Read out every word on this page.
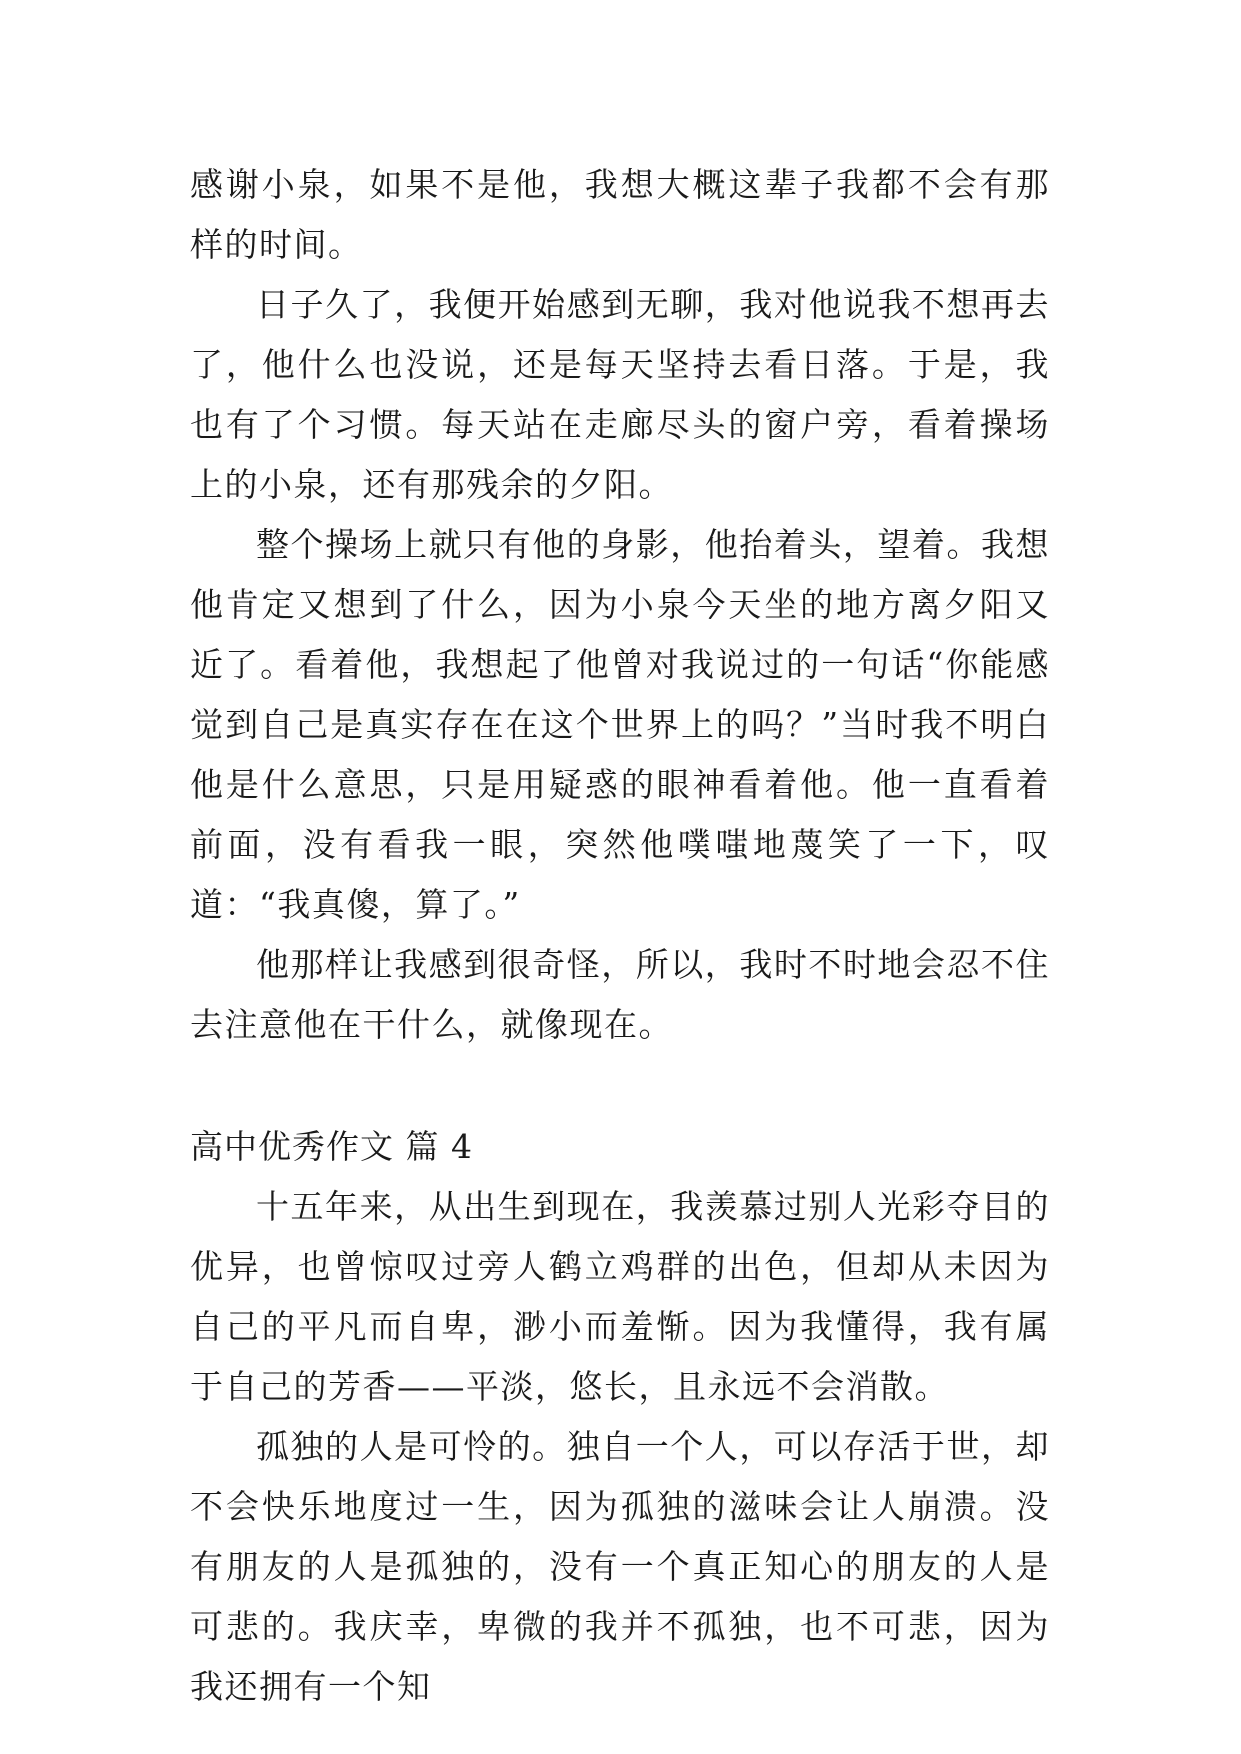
感谢小泉，如果不是他，我想大概这辈子我都不会有那样的时间。

日子久了，我便开始感到无聊，我对他说我不想再去了，他什么也没说，还是每天坚持去看日落。于是，我也有了个习惯。每天站在走廊尽头的窗户旁，看着操场上的小泉，还有那残余的夕阳。

整个操场上就只有他的身影，他抬着头，望着。我想他肯定又想到了什么，因为小泉今天坐的地方离夕阳又近了。看着他，我想起了他曾对我说过的一句话“你能感觉到自己是真实存在在这个世界上的吗？”当时我不明白他是什么意思，只是用疑惑的眼神看着他。他一直看着前面，没有看我一眼，突然他噗嗤地蔑笑了一下，叹道：“我真傻，算了。”

他那样让我感到很奇怪，所以，我时不时地会忍不住去注意他在干什么，就像现在。

高中优秀作文 篇 4

十五年来，从出生到现在，我羡慕过别人光彩夺目的优异，也曾惊叹过旁人鹤立鸡群的出色，但却从未因为自己的平凡而自卑，渺小而羞惭。因为我懂得，我有属于自己的芳香——平淡，悠长，且永远不会消散。

孤独的人是可怜的。独自一个人，可以存活于世，却不会快乐地度过一生，因为孤独的滋味会让人崩溃。没有朋友的人是孤独的，没有一个真正知心的朋友的人是可悲的。我庆幸，卑微的我并不孤独，也不可悲，因为我还拥有一个知
